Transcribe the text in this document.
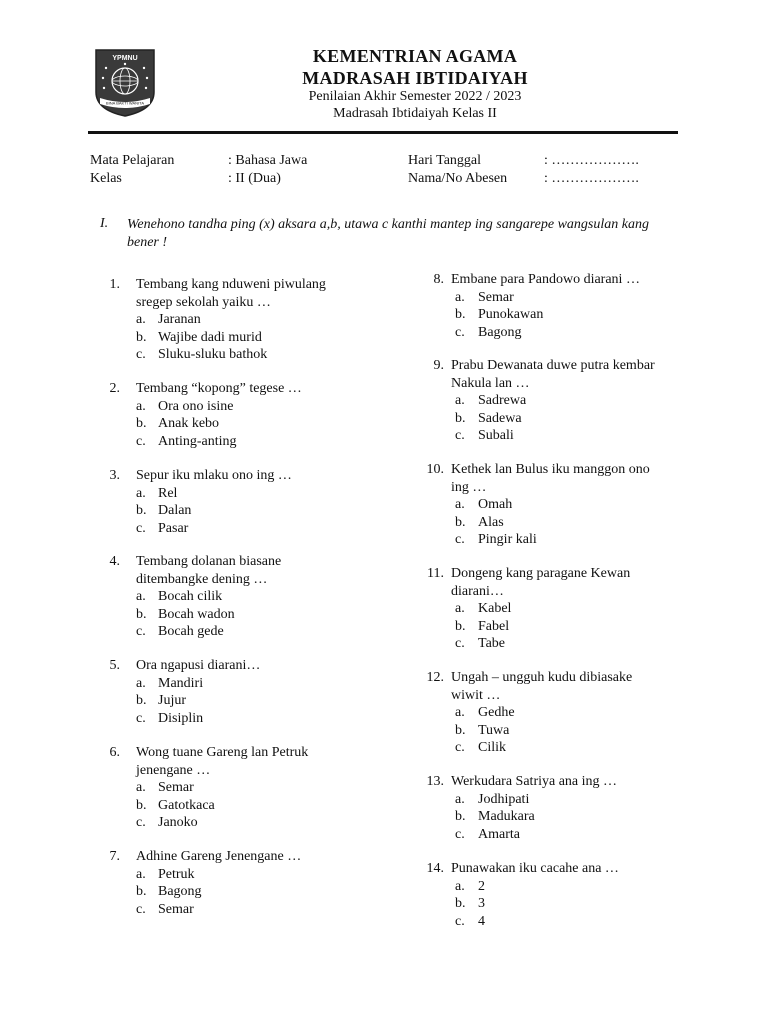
YPMNU
BINA BAKTI WANITA
KEMENTRIAN AGAMA
MADRASAH IBTIDAIYAH
Penilaian Akhir Semester 2022 / 2023
Madrasah Ibtidaiyah Kelas II
Mata Pelajaran	: Bahasa Jawa
Kelas	: II (Dua)
Hari Tanggal	: ……………….
Nama/No Abesen	: ……………….
I. Wenehono tandha ping (x) aksara a,b, utawa c kanthi mantep ing sangarepe wangsulan kang bener !
1. Tembang kang nduweni piwulang
sregep sekolah yaiku …
a. Jaranan
b. Wajibe dadi murid
c. Sluku-sluku bathok
2. Tembang “kopong” tegese …
a. Ora ono isine
b. Anak kebo
c. Anting-anting
3. Sepur iku mlaku ono ing …
a. Rel
b. Dalan
c. Pasar
4. Tembang dolanan biasane
ditembangke dening …
a. Bocah cilik
b. Bocah wadon
c. Bocah gede
5. Ora ngapusi diarani…
a. Mandiri
b. Jujur
c. Disiplin
6. Wong tuane Gareng lan Petruk
jenengane …
a. Semar
b. Gatotkaca
c. Janoko
7. Adhine Gareng Jenengane …
a. Petruk
b. Bagong
c. Semar
8. Embane para Pandowo diarani …
a. Semar
b. Punokawan
c. Bagong
9. Prabu Dewanata duwe putra kembar
Nakula lan …
a. Sadrewa
b. Sadewa
c. Subali
10. Kethek lan Bulus iku manggon ono
ing …
a. Omah
b. Alas
c. Pingir kali
11. Dongeng kang paragane Kewan
diarani…
a. Kabel
b. Fabel
c. Tabe
12. Ungah – ungguh kudu dibiasake
wiwit …
a. Gedhe
b. Tuwa
c. Cilik
13. Werkudara Satriya ana ing …
a. Jodhipati
b. Madukara
c. Amarta
14. Punawakan iku cacahe ana …
a. 2
b. 3
c. 4
